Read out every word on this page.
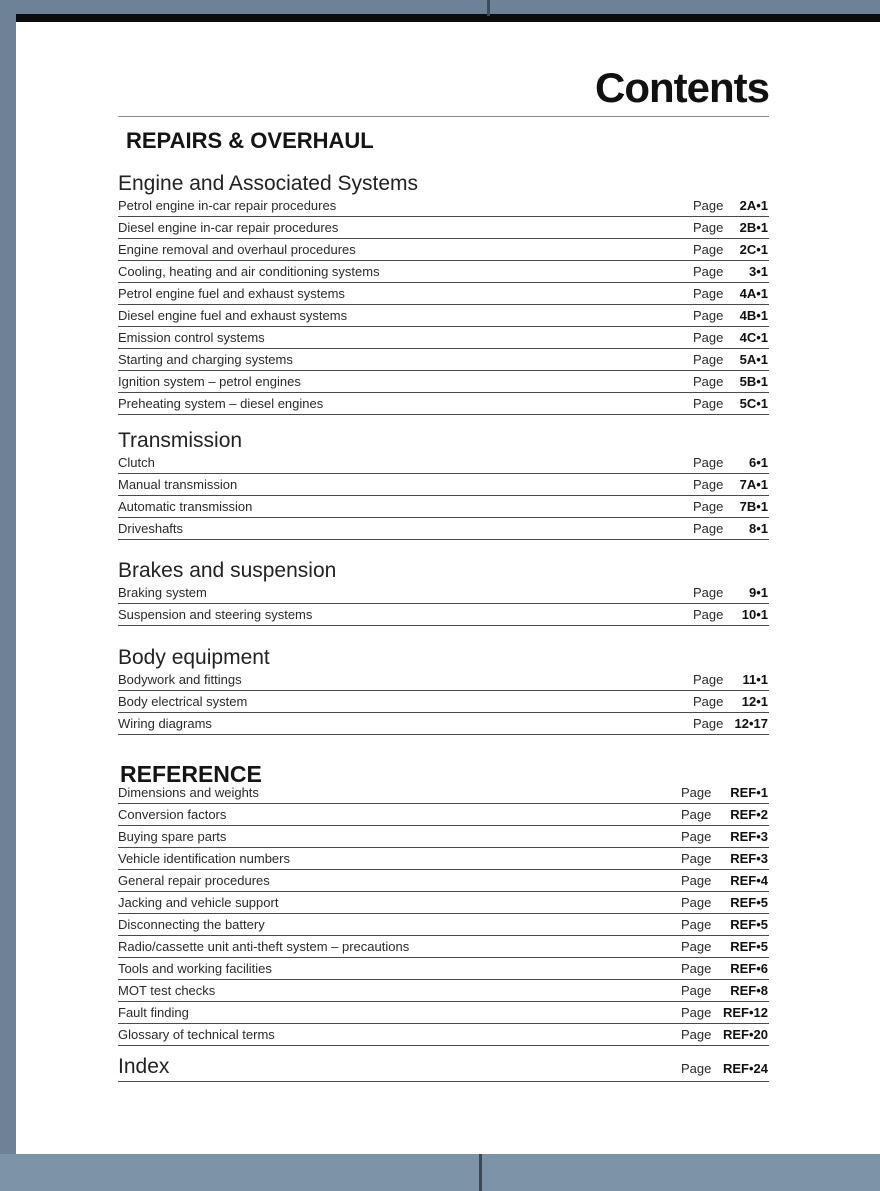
Contents
REPAIRS & OVERHAUL
Engine and Associated Systems
Petrol engine in-car repair procedures	Page 2A•1
Diesel engine in-car repair procedures	Page 2B•1
Engine removal and overhaul procedures	Page 2C•1
Cooling, heating and air conditioning systems	Page 3•1
Petrol engine fuel and exhaust systems	Page 4A•1
Diesel engine fuel and exhaust systems	Page 4B•1
Emission control systems	Page 4C•1
Starting and charging systems	Page 5A•1
Ignition system – petrol engines	Page 5B•1
Preheating system – diesel engines	Page 5C•1
Transmission
Clutch	Page 6•1
Manual transmission	Page 7A•1
Automatic transmission	Page 7B•1
Driveshafts	Page 8•1
Brakes and suspension
Braking system	Page 9•1
Suspension and steering systems	Page 10•1
Body equipment
Bodywork and fittings	Page 11•1
Body electrical system	Page 12•1
Wiring diagrams	Page 12•17
REFERENCE
Dimensions and weights	Page REF•1
Conversion factors	Page REF•2
Buying spare parts	Page REF•3
Vehicle identification numbers	Page REF•3
General repair procedures	Page REF•4
Jacking and vehicle support	Page REF•5
Disconnecting the battery	Page REF•5
Radio/cassette unit anti-theft system – precautions	Page REF•5
Tools and working facilities	Page REF•6
MOT test checks	Page REF•8
Fault finding	Page REF•12
Glossary of technical terms	Page REF•20
Index	Page REF•24
